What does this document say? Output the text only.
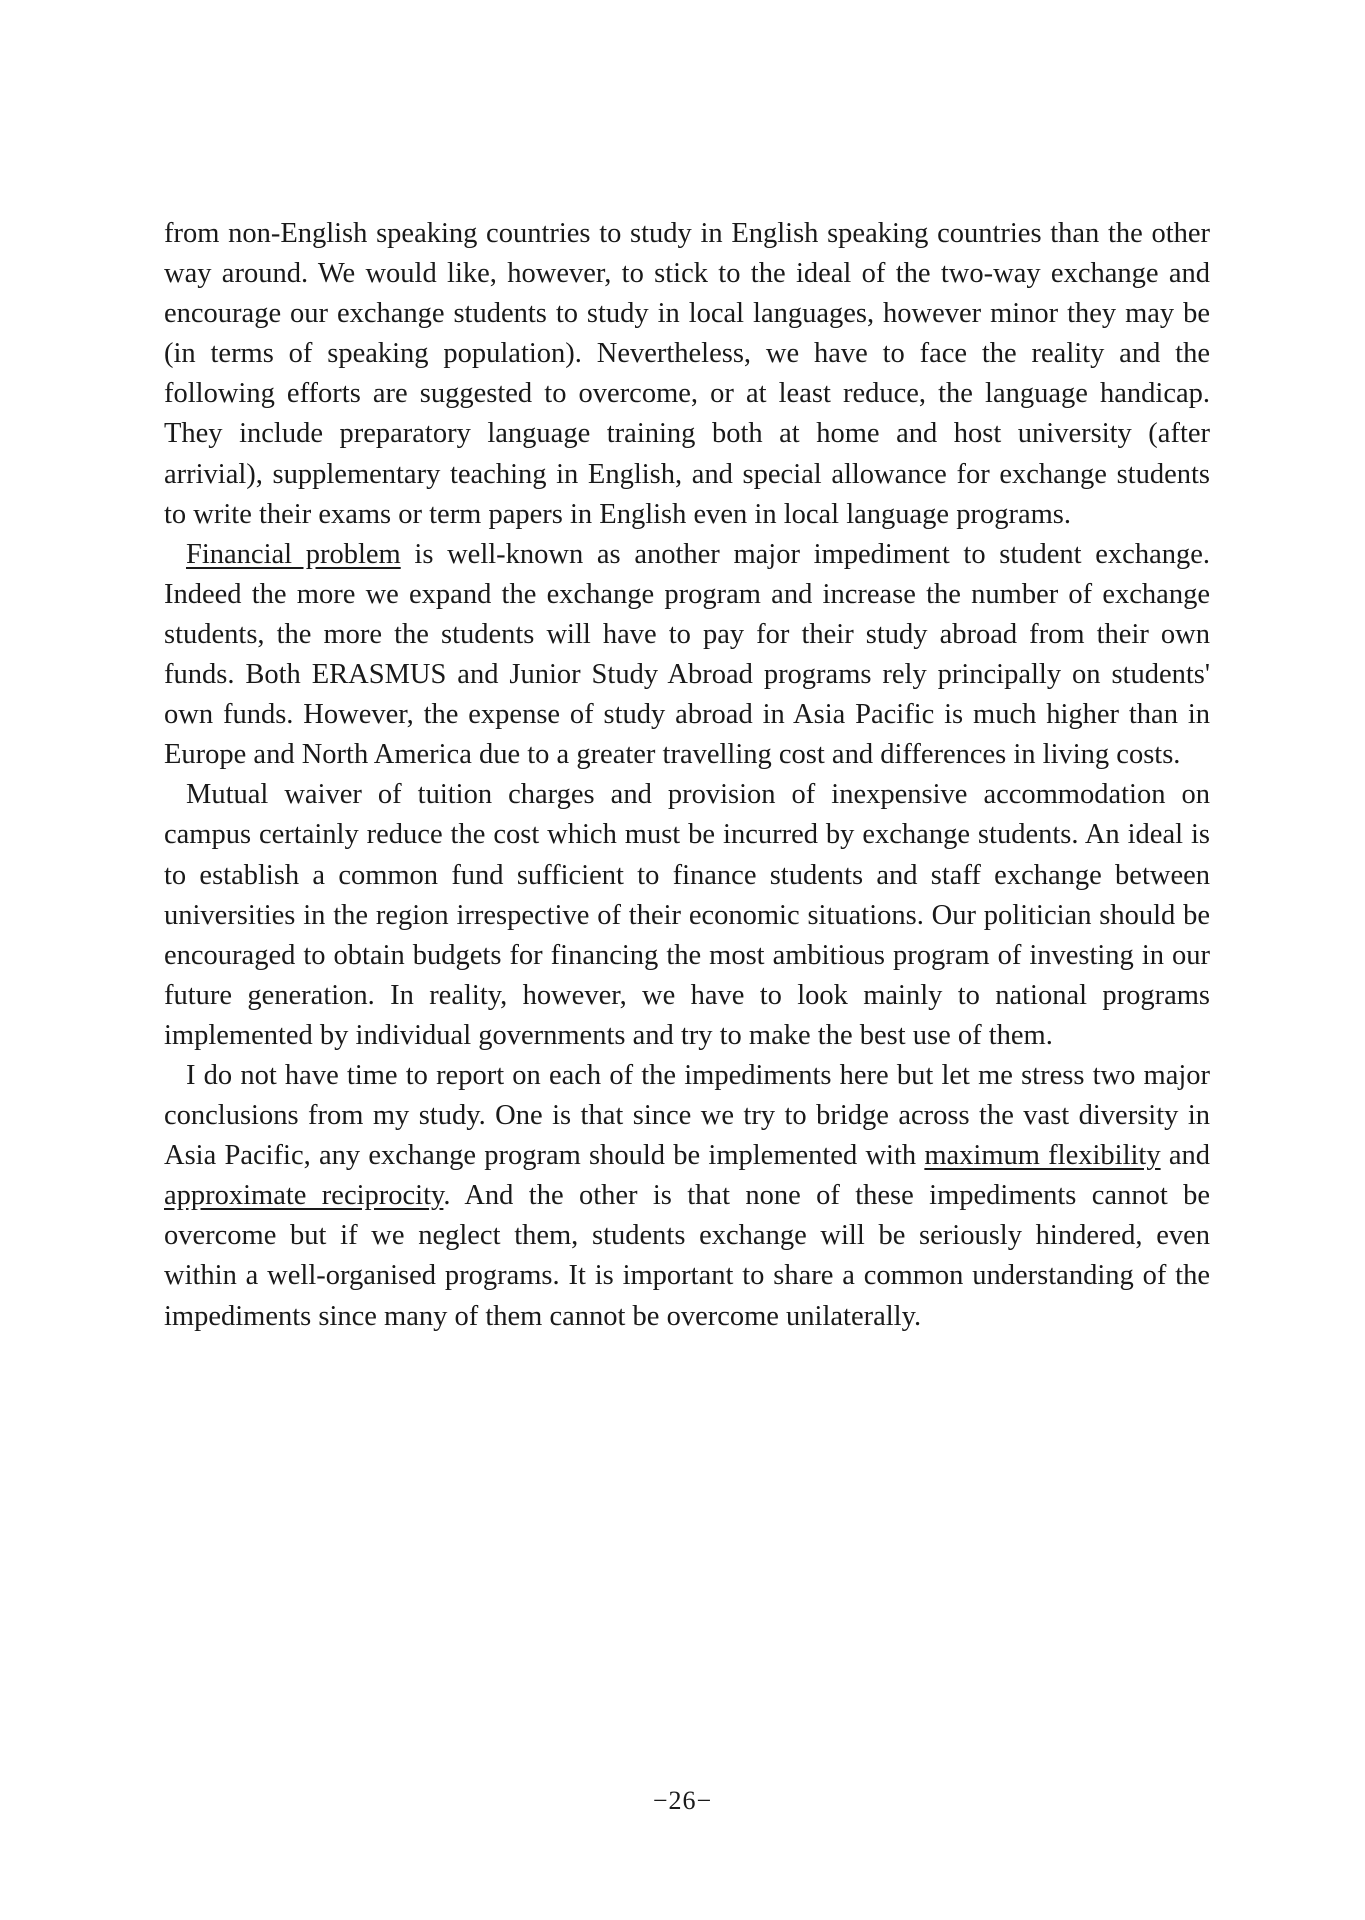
from non-English speaking countries to study in English speaking countries than the other way around. We would like, however, to stick to the ideal of the two-way exchange and encourage our exchange students to study in local languages, however minor they may be (in terms of speaking population). Nevertheless, we have to face the reality and the following efforts are suggested to overcome, or at least reduce, the language handicap. They include preparatory language training both at home and host university (after arrivial), supplementary teaching in English, and special allowance for exchange students to write their exams or term papers in English even in local language programs.

Financial problem is well-known as another major impediment to student exchange. Indeed the more we expand the exchange program and increase the number of exchange students, the more the students will have to pay for their study abroad from their own funds. Both ERASMUS and Junior Study Abroad programs rely principally on students' own funds. However, the expense of study abroad in Asia Pacific is much higher than in Europe and North America due to a greater travelling cost and differences in living costs.

Mutual waiver of tuition charges and provision of inexpensive accommodation on campus certainly reduce the cost which must be incurred by exchange students. An ideal is to establish a common fund sufficient to finance students and staff exchange between universities in the region irrespective of their economic situations. Our politician should be encouraged to obtain budgets for financing the most ambitious program of investing in our future generation. In reality, however, we have to look mainly to national programs implemented by individual governments and try to make the best use of them.

I do not have time to report on each of the impediments here but let me stress two major conclusions from my study. One is that since we try to bridge across the vast diversity in Asia Pacific, any exchange program should be implemented with maximum flexibility and approximate reciprocity. And the other is that none of these impediments cannot be overcome but if we neglect them, students exchange will be seriously hindered, even within a well-organised programs. It is important to share a common understanding of the impediments since many of them cannot be overcome unilaterally.

−26−
